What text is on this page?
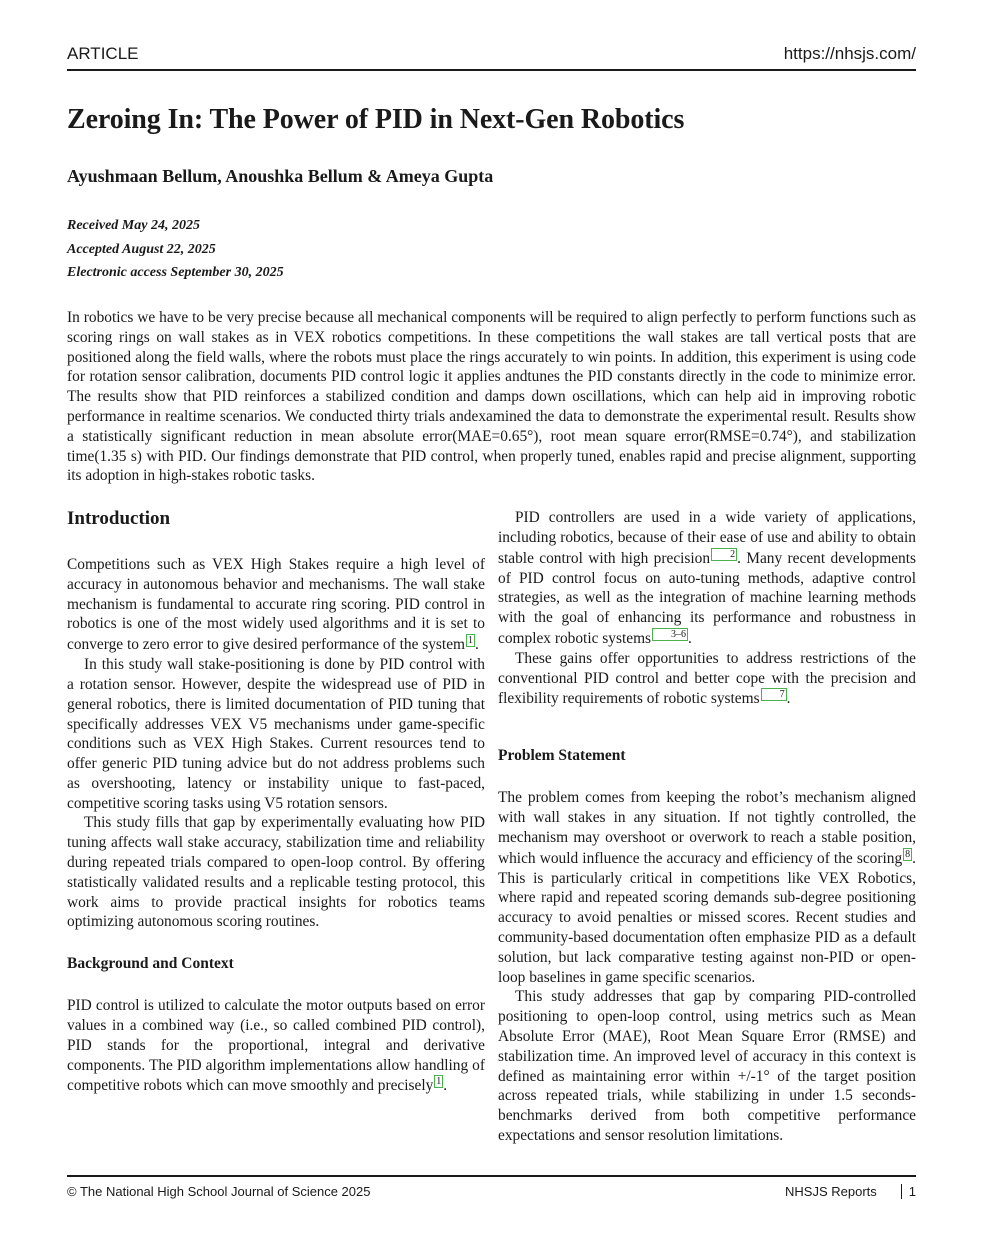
ARTICLE	https://nhsjs.com/
Zeroing In: The Power of PID in Next-Gen Robotics
Ayushmaan Bellum, Anoushka Bellum & Ameya Gupta
Received May 24, 2025
Accepted August 22, 2025
Electronic access September 30, 2025

In robotics we have to be very precise because all mechanical components will be required to align perfectly to perform functions such as scoring rings on wall stakes as in VEX robotics competitions. In these competitions the wall stakes are tall vertical posts that are positioned along the field walls, where the robots must place the rings accurately to win points. In addition, this experiment is using code for rotation sensor calibration, documents PID control logic it applies andtunes the PID constants directly in the code to minimize error. The results show that PID reinforces a stabilized condition and damps down oscillations, which can help aid in improving robotic performance in realtime scenarios. We conducted thirty trials andexamined the data to demonstrate the experimental result. Results show a statistically significant reduction in mean absolute error(MAE=0.65°), root mean square error(RMSE=0.74°), and stabilization time(1.35 s) with PID. Our findings demonstrate that PID control, when properly tuned, enables rapid and precise alignment, supporting its adoption in high-stakes robotic tasks.

Introduction

Competitions such as VEX High Stakes require a high level of accuracy in autonomous behavior and mechanisms. The wall stake mechanism is fundamental to accurate ring scoring. PID control in robotics is one of the most widely used algorithms and it is set to converge to zero error to give desired performance of the system 1 .

In this study wall stake-positioning is done by PID control with a rotation sensor. However, despite the widespread use of PID in general robotics, there is limited documentation of PID tuning that specifically addresses VEX V5 mechanisms under game-specific conditions such as VEX High Stakes. Current resources tend to offer generic PID tuning advice but do not address problems such as overshooting, latency or instability unique to fast-paced, competitive scoring tasks using V5 rotation sensors.

This study fills that gap by experimentally evaluating how PID tuning affects wall stake accuracy, stabilization time and reliability during repeated trials compared to open-loop control. By offering statistically validated results and a replicable testing protocol, this work aims to provide practical insights for robotics teams optimizing autonomous scoring routines.

Background and Context

PID control is utilized to calculate the motor outputs based on error values in a combined way (i.e., so called combined PID control), PID stands for the proportional, integral and derivative components. The PID algorithm implementations allow handling of competitive robots which can move smoothly and precisely 1 .

PID controllers are used in a wide variety of applications, including robotics, because of their ease of use and ability to obtain stable control with high precision 2 . Many recent developments of PID control focus on auto-tuning methods, adaptive control strategies, as well as the integration of machine learning methods with the goal of enhancing its performance and robustness in complex robotic systems 3–6 .

These gains offer opportunities to address restrictions of the conventional PID control and better cope with the precision and flexibility requirements of robotic systems 7 .

Problem Statement

The problem comes from keeping the robot’s mechanism aligned with wall stakes in any situation. If not tightly controlled, the mechanism may overshoot or overwork to reach a stable position, which would influence the accuracy and efficiency of the scoring 8 . This is particularly critical in competitions like VEX Robotics, where rapid and repeated scoring demands sub-degree positioning accuracy to avoid penalties or missed scores. Recent studies and community-based documentation often emphasize PID as a default solution, but lack comparative testing against non-PID or open-loop baselines in game specific scenarios.

This study addresses that gap by comparing PID-controlled positioning to open-loop control, using metrics such as Mean Absolute Error (MAE), Root Mean Square Error (RMSE) and stabilization time. An improved level of accuracy in this context is defined as maintaining error within +/-1° of the target position across repeated trials, while stabilizing in under 1.5 seconds-benchmarks derived from both competitive performance expectations and sensor resolution limitations.

© The National High School Journal of Science 2025	NHSJS Reports	1
